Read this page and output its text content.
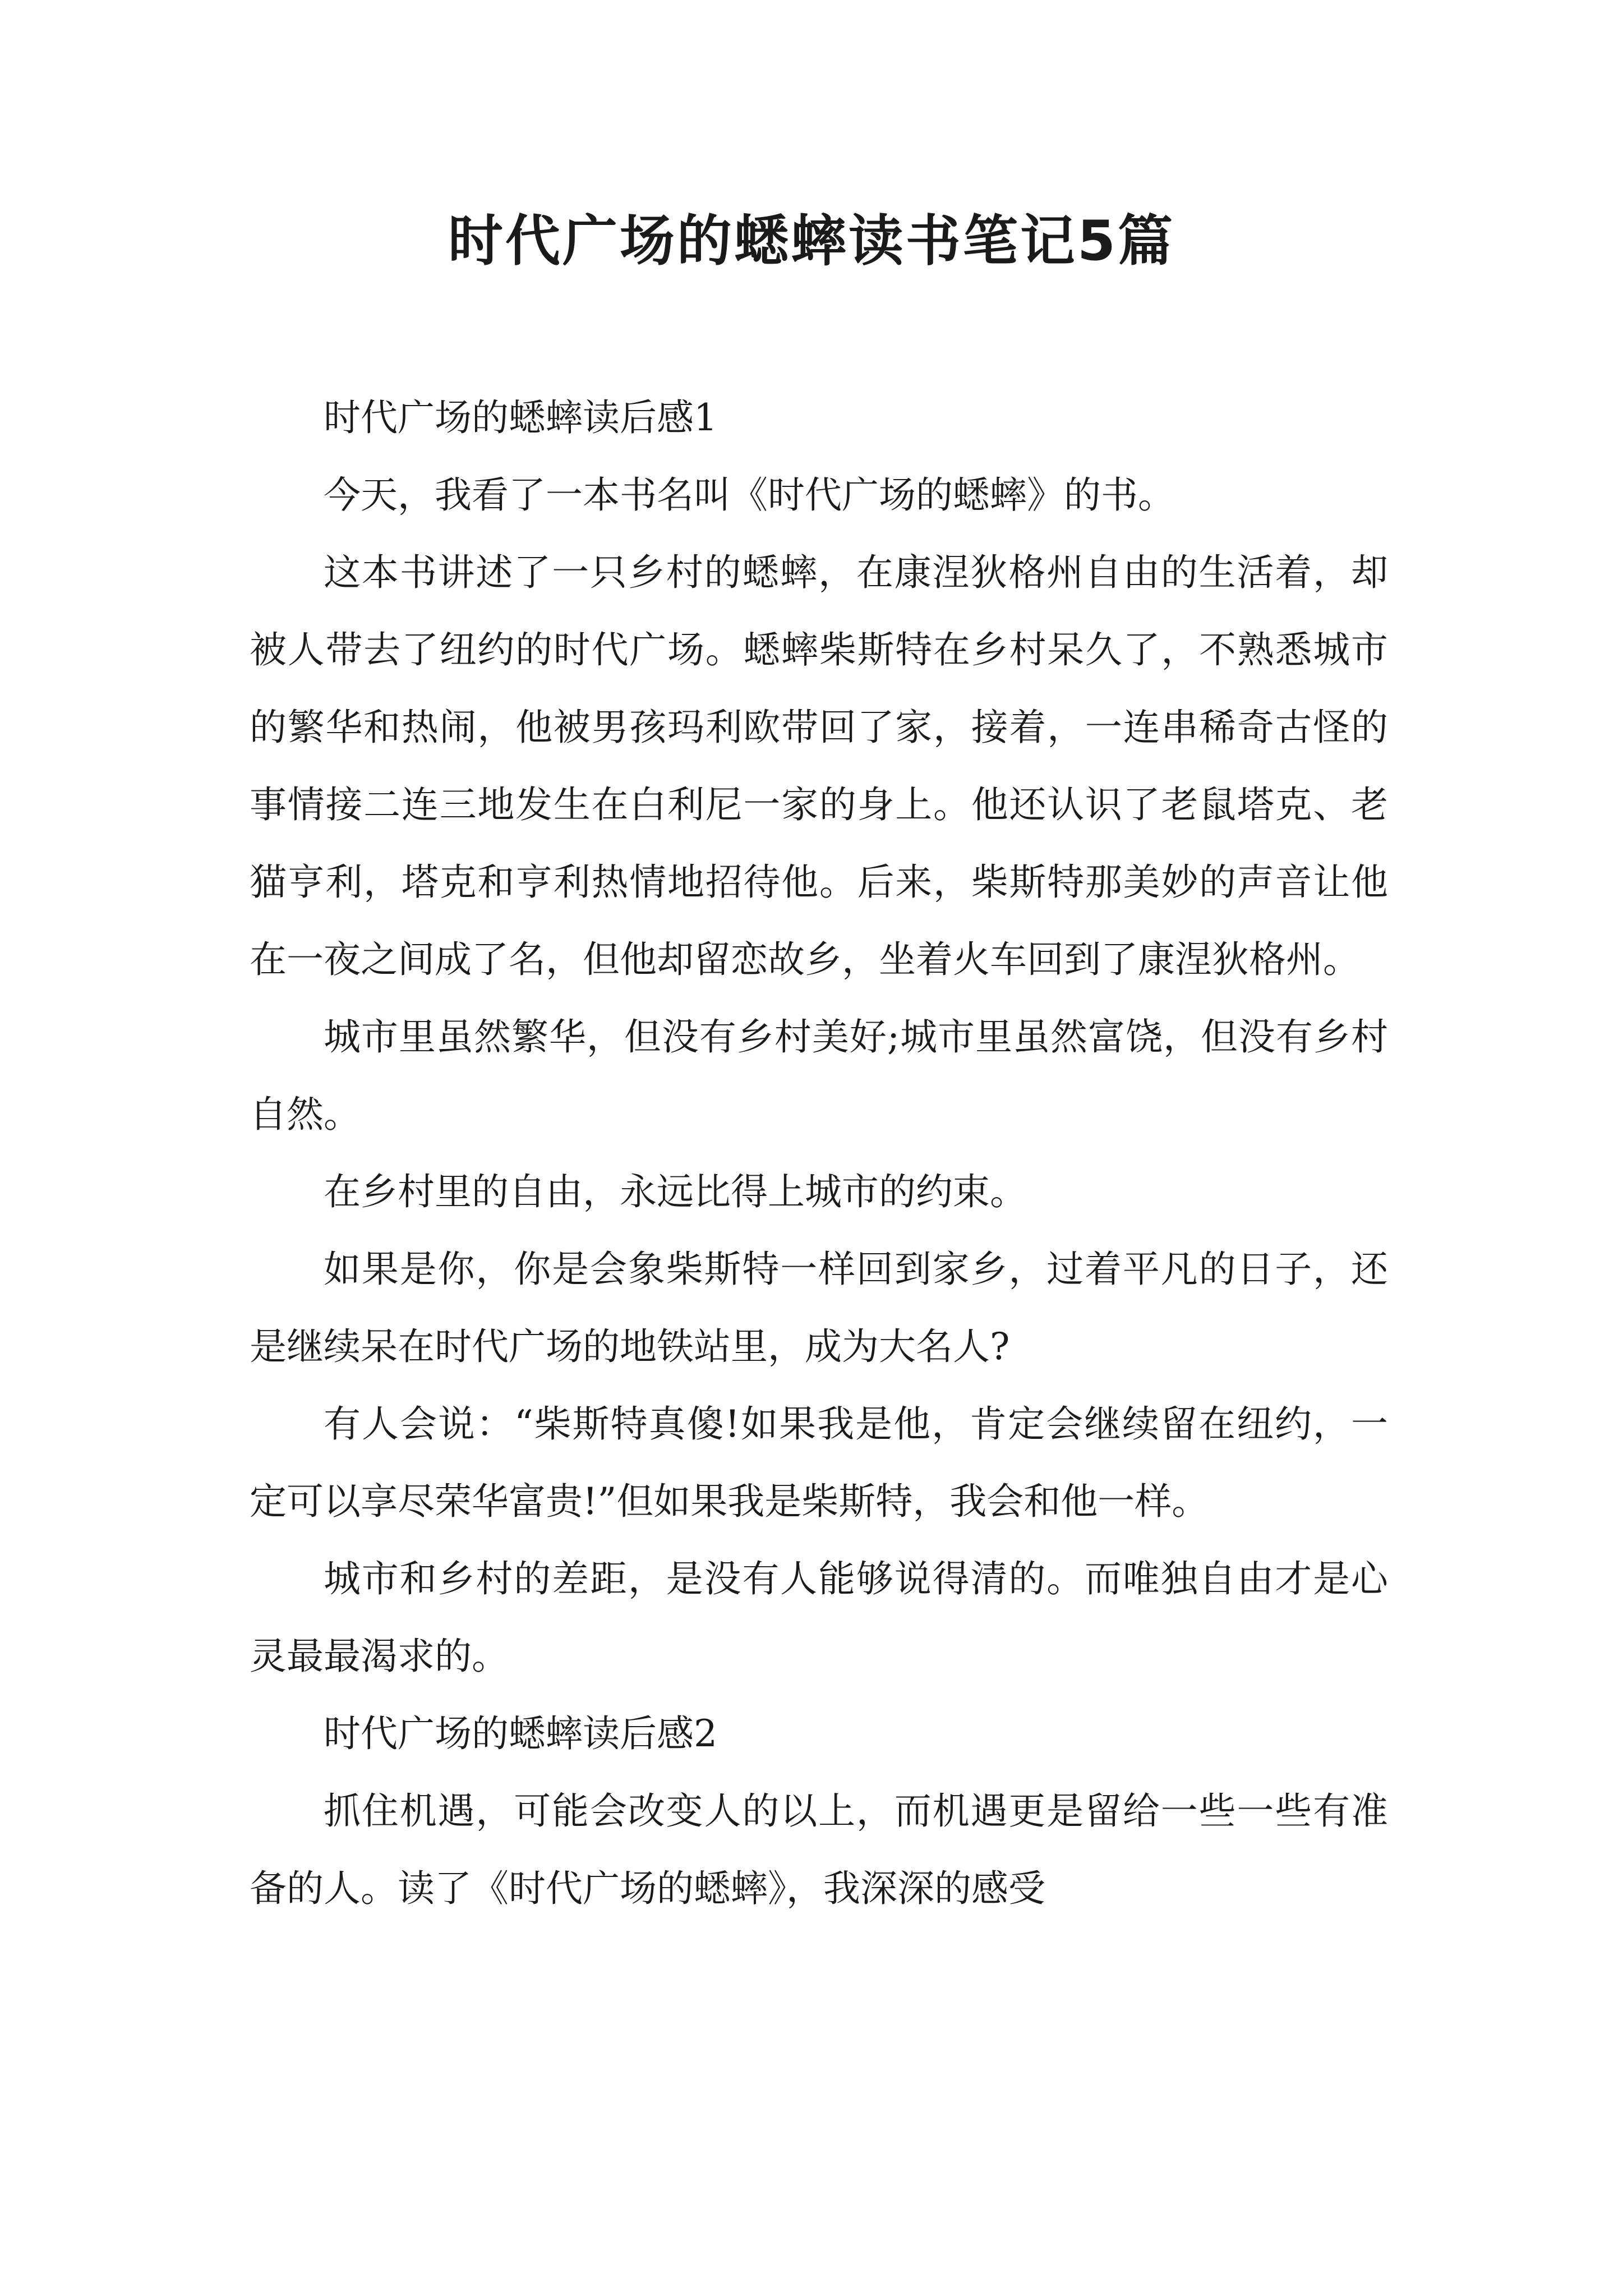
时代广场的蟋蟀读书笔记5篇

时代广场的蟋蟀读后感1

今天，我看了一本书名叫《时代广场的蟋蟀》的书。

这本书讲述了一只乡村的蟋蟀，在康涅狄格州自由的生活着，却被人带去了纽约的时代广场。蟋蟀柴斯特在乡村呆久了，不熟悉城市的繁华和热闹，他被男孩玛利欧带回了家，接着，一连串稀奇古怪的事情接二连三地发生在白利尼一家的身上。他还认识了老鼠塔克、老猫亨利，塔克和亨利热情地招待他。后来，柴斯特那美妙的声音让他在一夜之间成了名，但他却留恋故乡，坐着火车回到了康涅狄格州。

城市里虽然繁华，但没有乡村美好;城市里虽然富饶，但没有乡村自然。

在乡村里的自由，永远比得上城市的约束。

如果是你，你是会象柴斯特一样回到家乡，过着平凡的日子，还是继续呆在时代广场的地铁站里，成为大名人?

有人会说：“柴斯特真傻!如果我是他，肯定会继续留在纽约，一定可以享尽荣华富贵!”但如果我是柴斯特，我会和他一样。

城市和乡村的差距，是没有人能够说得清的。而唯独自由才是心灵最最渴求的。

时代广场的蟋蟀读后感2

抓住机遇，可能会改变人的以上，而机遇更是留给一些一些有准备的人。读了《时代广场的蟋蟀》，我深深的感受
